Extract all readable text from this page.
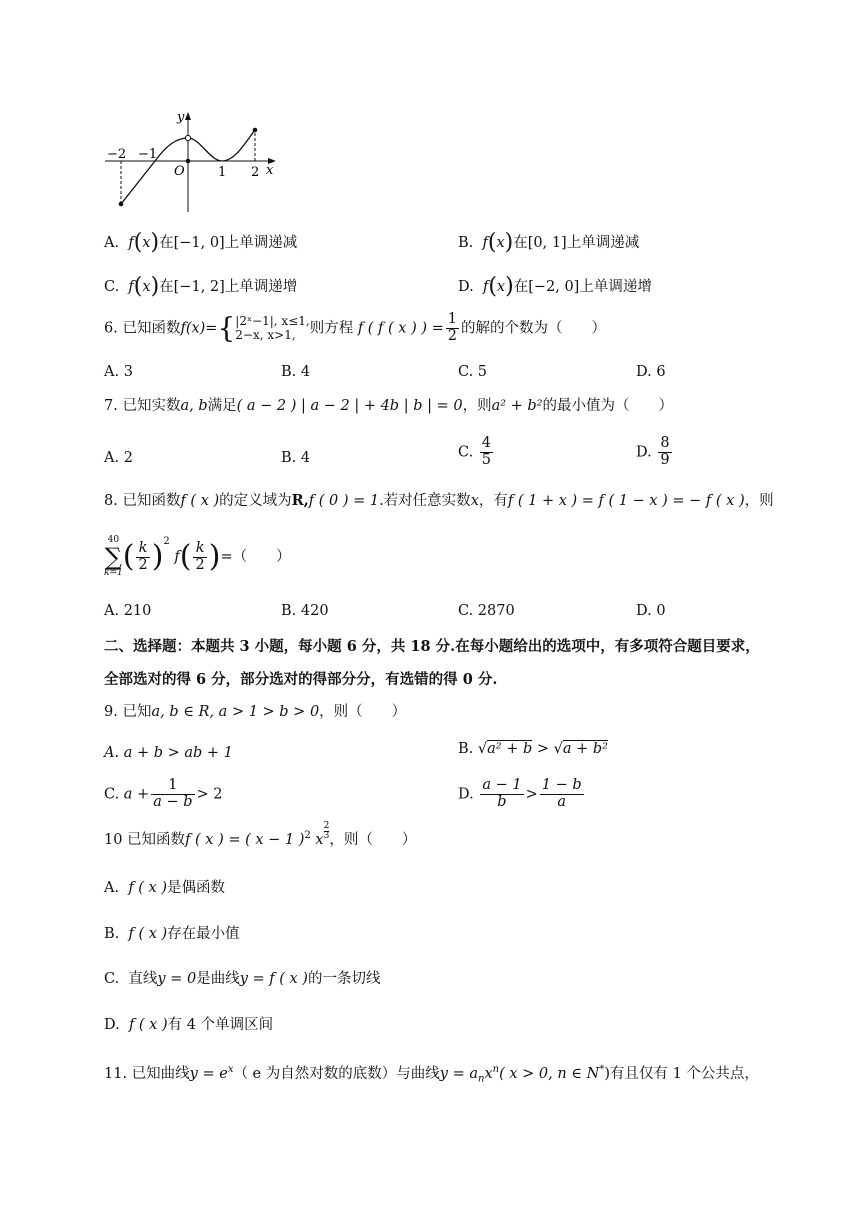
y
x
O
−2 −1
1 2
A. f(x)在[−1, 0]上单调递减	B. f(x)在[0, 1]上单调递减
C. f(x)在[−1, 2]上单调递增	D. f(x)在[−2, 0]上单调递增
6. 已知函数f(x)={ |2ˣ−1|, x≤1,
2−x, x>1, 则方程 f ( f ( x ) ) = $\frac{1}{2}$ 的解的个数为（　　）
A. 3	B. 4	C. 5	D. 6
7. 已知实数a, b满足( a − 2 ) | a − 2 | + 4b | b | = 0，则a² + b²的最小值为（　　）
A. 2	B. 4	C. $\frac{4}{5}$	D. $\frac{8}{9}$
8. 已知函数f ( x )的定义域为R,f ( 0 ) = 1.若对任意实数x，有f ( 1 + x ) = f ( 1 − x ) = − f ( x )，则
40
∑
k=1 ( $\frac{k}{2} )^2$ $f( \frac{k}{2}$ )=（　　）
A. 210	B. 420	C. 2870	D. 0
二、选择题：本题共 3 小题，每小题 6 分，共 18 分.在每小题给出的选项中，有多项符合题目要求，
全部选对的得 6 分，部分选对的得部分分，有选错的得 0 分.
9. 已知a, b ∈ R, a > 1 > b > 0，则（　　）
A. a + b > ab + 1	B. √a² + b > √a + b²
C. $a + \frac{1}{a - b} > 2$	D. $\frac{a - 1}{b} > \frac{1 - b}{a}$
10 已知函数f ( x ) = ( x − 1 )$^2$ x $\frac{2}{3}$ ，则（　　）
A. f ( x )是偶函数
B. f ( x )存在最小值
C. 直线y = 0是曲线y = f ( x )的一条切线
D. f ( x )有 4 个单调区间
11. 已知曲线$y = e^x$（ e 为自然对数的底数）与曲线$y = a_nx^n$( x > 0, n ∈ N*)有且仅有 1 个公共点，
